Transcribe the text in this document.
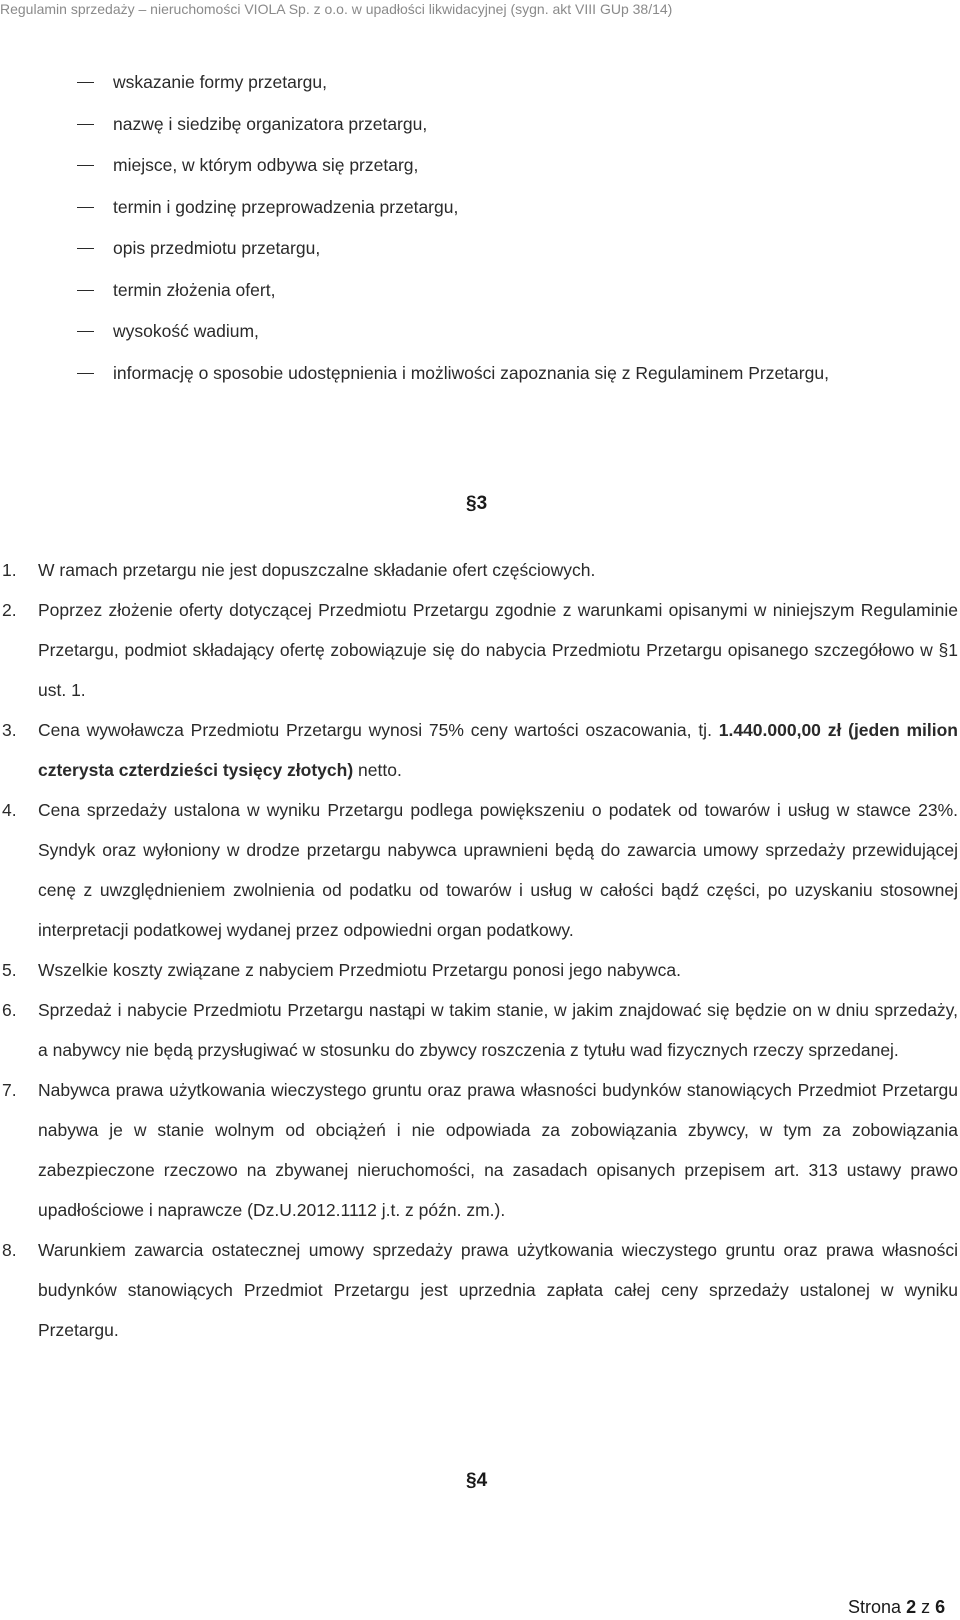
Regulamin sprzedaży – nieruchomości VIOLA Sp. z o.o. w upadłości likwidacyjnej (sygn. akt VIII GUp 38/14)
wskazanie formy przetargu,
nazwę i siedzibę organizatora przetargu,
miejsce, w którym odbywa się przetarg,
termin i godzinę przeprowadzenia przetargu,
opis przedmiotu przetargu,
termin złożenia ofert,
wysokość wadium,
informację o sposobie udostępnienia i możliwości zapoznania się z Regulaminem Przetargu,
§3
1. W ramach przetargu nie jest dopuszczalne składanie ofert częściowych.
2. Poprzez złożenie oferty dotyczącej Przedmiotu Przetargu zgodnie z warunkami opisanymi w niniejszym Regulaminie Przetargu, podmiot składający ofertę zobowiązuje się do nabycia Przedmiotu Przetargu opisanego szczegółowo w §1 ust. 1.
3. Cena wywoławcza Przedmiotu Przetargu wynosi 75% ceny wartości oszacowania, tj. 1.440.000,00 zł (jeden milion czterysta czterdzieści tysięcy złotych) netto.
4. Cena sprzedaży ustalona w wyniku Przetargu podlega powiększeniu o podatek od towarów i usług w stawce 23%. Syndyk oraz wyłoniony w drodze przetargu nabywca uprawnieni będą do zawarcia umowy sprzedaży przewidującej cenę z uwzględnieniem zwolnienia od podatku od towarów i usług w całości bądź części, po uzyskaniu stosownej interpretacji podatkowej wydanej przez odpowiedni organ podatkowy.
5. Wszelkie koszty związane z nabyciem Przedmiotu Przetargu ponosi jego nabywca.
6. Sprzedaż i nabycie Przedmiotu Przetargu nastąpi w takim stanie, w jakim znajdować się będzie on w dniu sprzedaży, a nabywcy nie będą przysługiwać w stosunku do zbywcy roszczenia z tytułu wad fizycznych rzeczy sprzedanej.
7. Nabywca prawa użytkowania wieczystego gruntu oraz prawa własności budynków stanowiących Przedmiot Przetargu nabywa je w stanie wolnym od obciążeń i nie odpowiada za zobowiązania zbywcy, w tym za zobowiązania zabezpieczone rzeczowo na zbywanej nieruchomości, na zasadach opisanych przepisem art. 313 ustawy prawo upadłościowe i naprawcze (Dz.U.2012.1112 j.t. z późn. zm.).
8. Warunkiem zawarcia ostatecznej umowy sprzedaży prawa użytkowania wieczystego gruntu oraz prawa własności budynków stanowiących Przedmiot Przetargu jest uprzednia zapłata całej ceny sprzedaży ustalonej w wyniku Przetargu.
§4
Strona 2 z 6
